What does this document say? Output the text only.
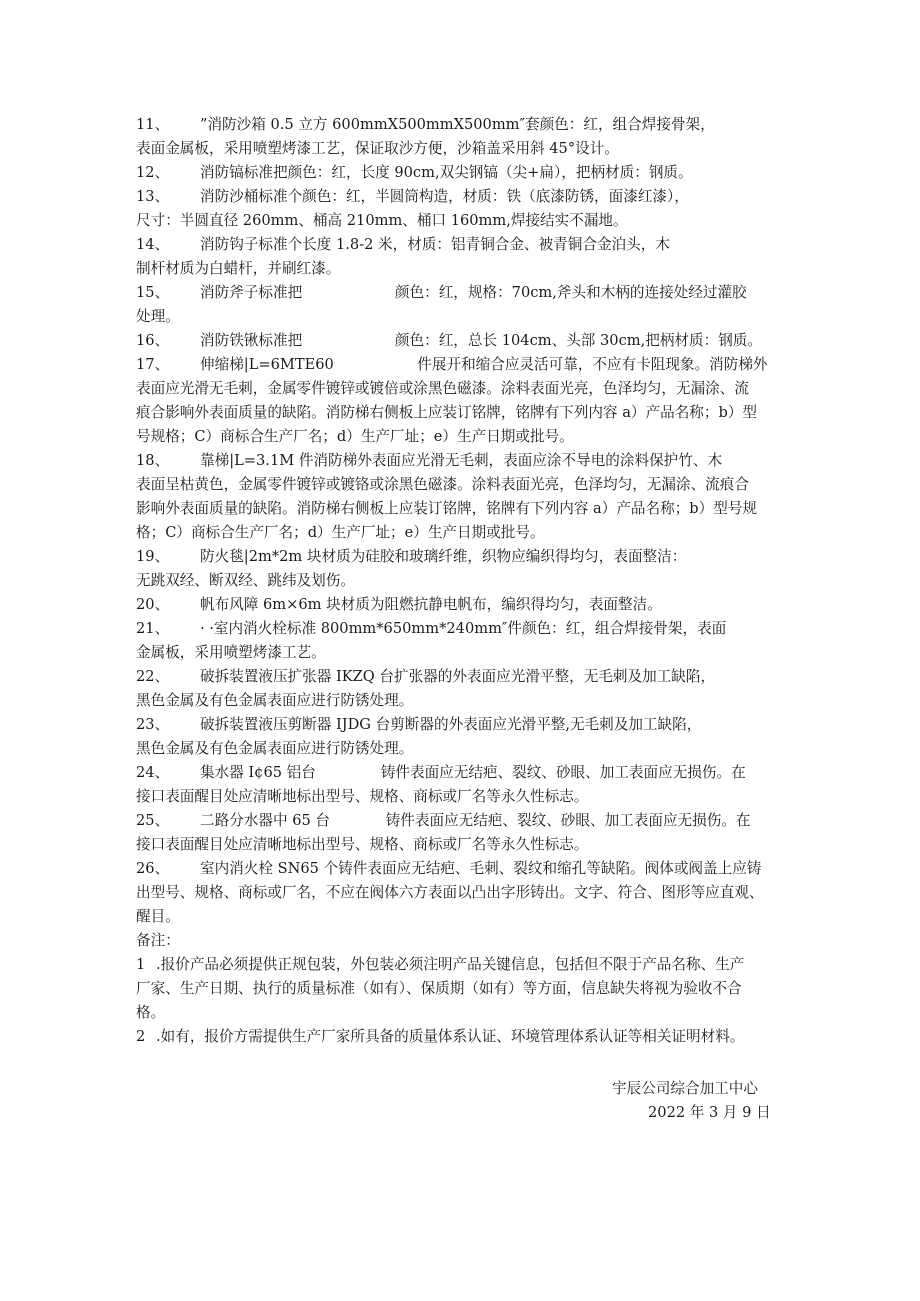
11、 ”消防沙箱 0.5 立方 600mmX500mmX500mm″套颜色：红，组合焊接骨架，
表面金属板，采用喷塑烤漆工艺，保证取沙方便，沙箱盖采用斜 45°设计。
12、 消防镐标准把颜色：红，长度 90cm,双尖钢镐（尖+扁），把柄材质：钢质。
13、 消防沙桶标准个颜色：红，半圆筒构造，材质：铁（底漆防锈，面漆红漆），
尺寸：半圆直径 260mm、桶高 210mm、桶口 160mm,焊接结实不漏地。
14、 消防钩子标准个长度 1.8-2 米，材质：铝青铜合金、被青铜合金泊头，木
制杆材质为白蜡杆，并刷红漆。
15、 消防斧子标准把                    颜色：红，规格：70cm,斧头和木柄的连接处经过灌胶
处理。
16、 消防铁锹标准把                    颜色：红，总长 104cm、头部 30cm,把柄材质：钢质。
17、 伸缩梯|L=6MTE60                  件展开和缩合应灵活可靠，不应有卡阻现象。消防梯外
表面应光滑无毛刺，金属零件镀锌或镀倍或涂黑色磁漆。涂料表面光亮，色泽均匀，无漏涂、流
痕合影响外表面质量的缺陷。消防梯右侧板上应装订铭牌，铭牌有下列内容 a）产品名称；b）型
号规格；C）商标合生产厂名；d）生产厂址；e）生产日期或批号。
18、 靠梯|L=3.1M 件消防梯外表面应光滑无毛刺，表面应涂不导电的涂料保护竹、木
表面呈枯黄色，金属零件镀锌或镀铬或涂黑色磁漆。涂料表面光亮，色泽均匀，无漏涂、流痕合
影响外表面质量的缺陷。消防梯右侧板上应装订铭牌，铭牌有下列内容 a）产品名称；b）型号规
格；C）商标合生产厂名；d）生产厂址；e）生产日期或批号。
19、 防火毯|2m*2m 块材质为硅胶和玻璃纤维，织物应编织得均匀，表面整洁：
无跳双经、断双经、跳纬及划伤。
20、 帆布风障 6m×6m 块材质为阻燃抗静电帆布，编织得均匀，表面整洁。
21、 · ·室内消火栓标准 800mm*650mm*240mm″件颜色：红，组合焊接骨架，表面
金属板，采用喷塑烤漆工艺。
22、 破拆装置液压扩张器 IKZQ 台扩张器的外表面应光滑平整，无毛刺及加工缺陷，
黑色金属及有色金属表面应进行防锈处理。
23、 破拆装置液压剪断器 IJDG 台剪断器的外表面应光滑平整,无毛刺及加工缺陷，
黑色金属及有色金属表面应进行防锈处理。
24、 集水器 I¢65 铝台              铸件表面应无结疤、裂纹、砂眼、加工表面应无损伤。在
接口表面醒目处应清晰地标出型号、规格、商标或厂名等永久性标志。
25、 二路分水器中 65 台            铸件表面应无结疤、裂纹、砂眼、加工表面应无损伤。在
接口表面醒目处应清晰地标出型号、规格、商标或厂名等永久性标志。
26、 室内消火栓 SN65 个铸件表面应无结疤、毛刺、裂纹和缩孔等缺陷。阀体或阀盖上应铸
出型号、规格、商标或厂名，不应在阀体六方表面以凸出字形铸出。文字、符合、图形等应直观、
醒目。
备注：
1 .报价产品必须提供正规包装，外包装必须注明产品关键信息，包括但不限于产品名称、生产
厂家、生产日期、执行的质量标准（如有）、保质期（如有）等方面，信息缺失将视为验收不合
格。
2 .如有，报价方需提供生产厂家所具备的质量体系认证、环境管理体系认证等相关证明材料。
宇辰公司综合加工中心
2022 年 3 月 9 日
